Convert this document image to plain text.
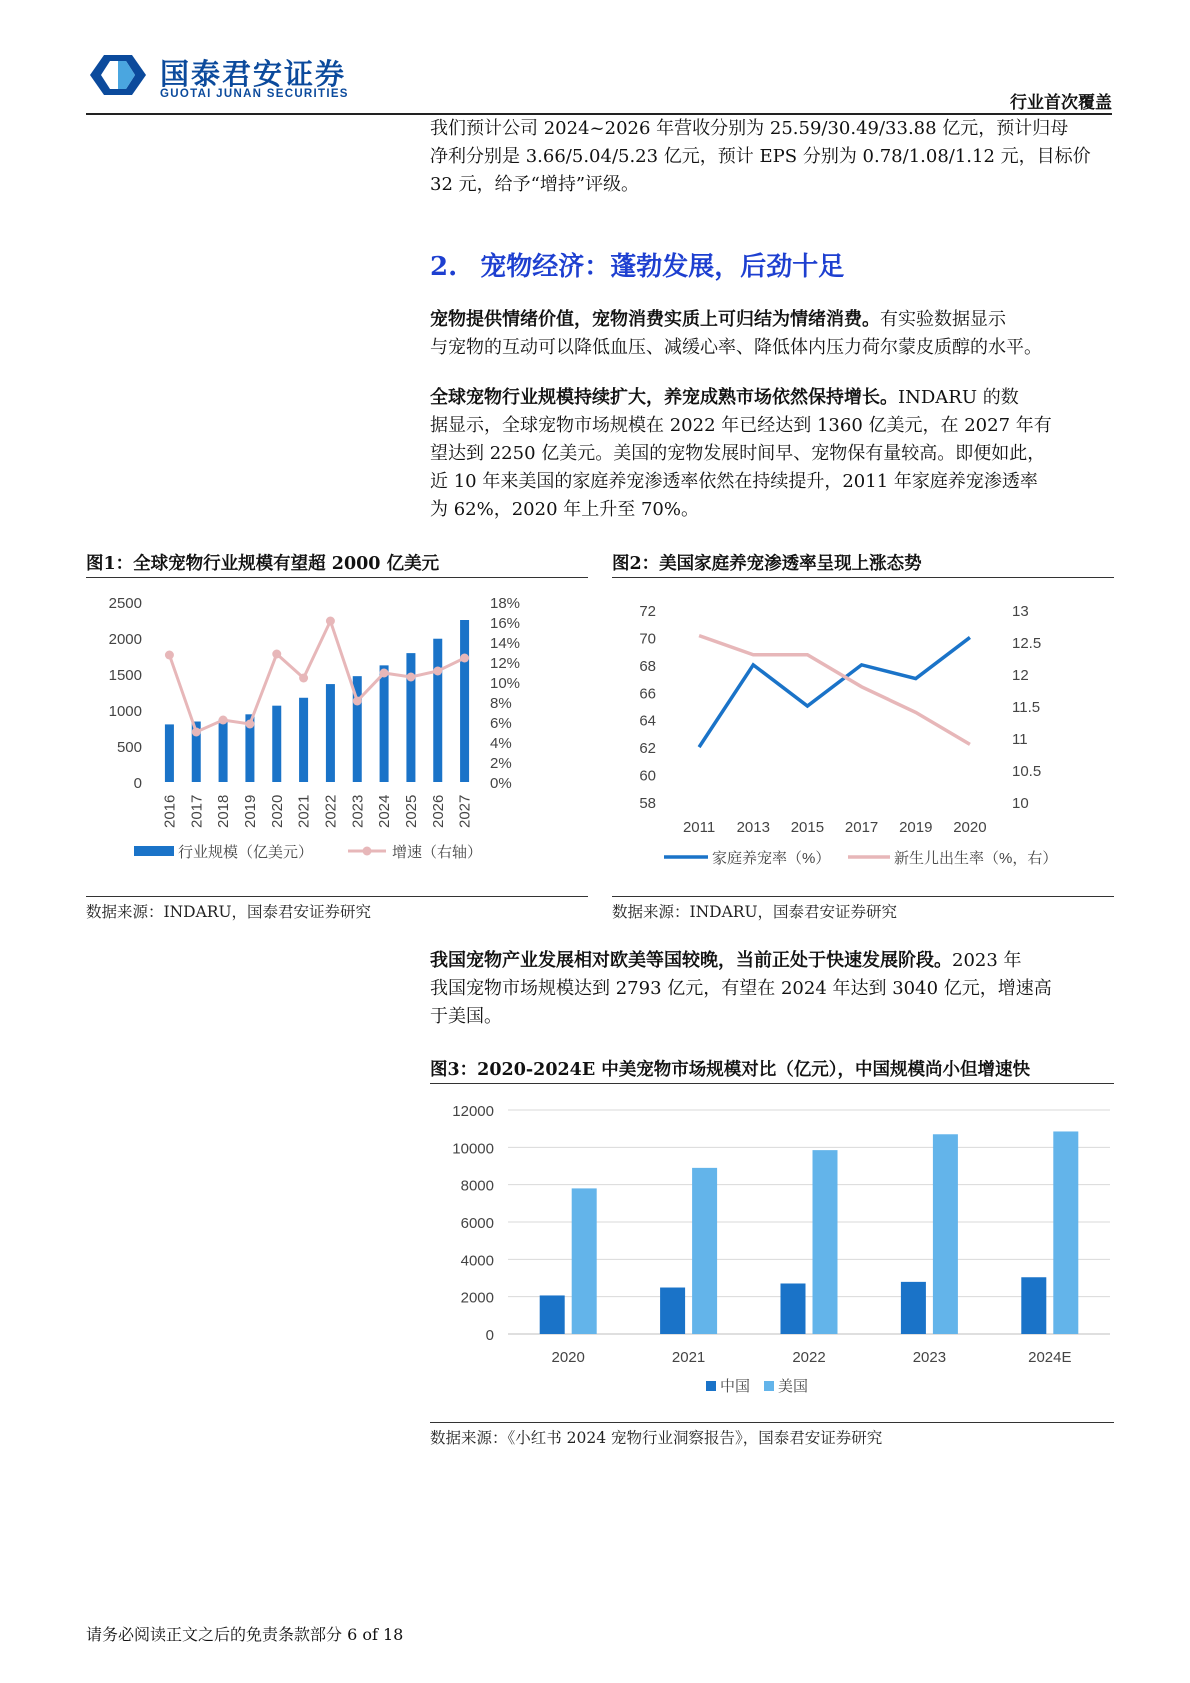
国泰君安证券
GUOTAI JUNAN SECURITIES	行业首次覆盖
我们预计公司 2024~2026 年营收分别为 25.59/30.49/33.88 亿元，预计归母
净利分别是 3.66/5.04/5.23 亿元，预计 EPS 分别为 0.78/1.08/1.12 元，目标价
32 元，给予“增持”评级。
2. 宠物经济：蓬勃发展，后劲十足
宠物提供情绪价值，宠物消费实质上可归结为情绪消费。有实验数据显示
与宠物的互动可以降低血压、减缓心率、降低体内压力荷尔蒙皮质醇的水平。
全球宠物行业规模持续扩大，养宠成熟市场依然保持增长。INDARU 的数
据显示，全球宠物市场规模在 2022 年已经达到 1360 亿美元，在 2027 年有
望达到 2250 亿美元。美国的宠物发展时间早、宠物保有量较高。即便如此，
近 10 年来美国的家庭养宠渗透率依然在持续提升，2011 年家庭养宠渗透率
为 62%，2020 年上升至 70%。
图1：全球宠物行业规模有望超 2000 亿美元
0
500
1000
1500
2000
2500
0%
2%
4%
6%
8%
10%
12%
14%
16%
18%
2016 2017 2018 2019 2020 2021 2022 2023 2024 2025 2026 2027
行业规模（亿美元）	增速（右轴）
数据来源：INDARU，国泰君安证券研究
图2：美国家庭养宠渗透率呈现上涨态势
58
60
62
64
66
68
70
72
10
10.5
11
11.5
12
12.5
13
2011 2013 2015 2017 2019 2020
家庭养宠率（%）	新生儿出生率（%，右）
数据来源：INDARU，国泰君安证券研究
我国宠物产业发展相对欧美等国较晚，当前正处于快速发展阶段。2023 年
我国宠物市场规模达到 2793 亿元，有望在 2024 年达到 3040 亿元，增速高
于美国。
图3：2020-2024E 中美宠物市场规模对比（亿元），中国规模尚小但增速快
0
2000
4000
6000
8000
10000
12000
2020	2021	2022	2023	2024E
中国 美国
数据来源：《小红书 2024 宠物行业洞察报告》，国泰君安证券研究
请务必阅读正文之后的免责条款部分 6 of 18
